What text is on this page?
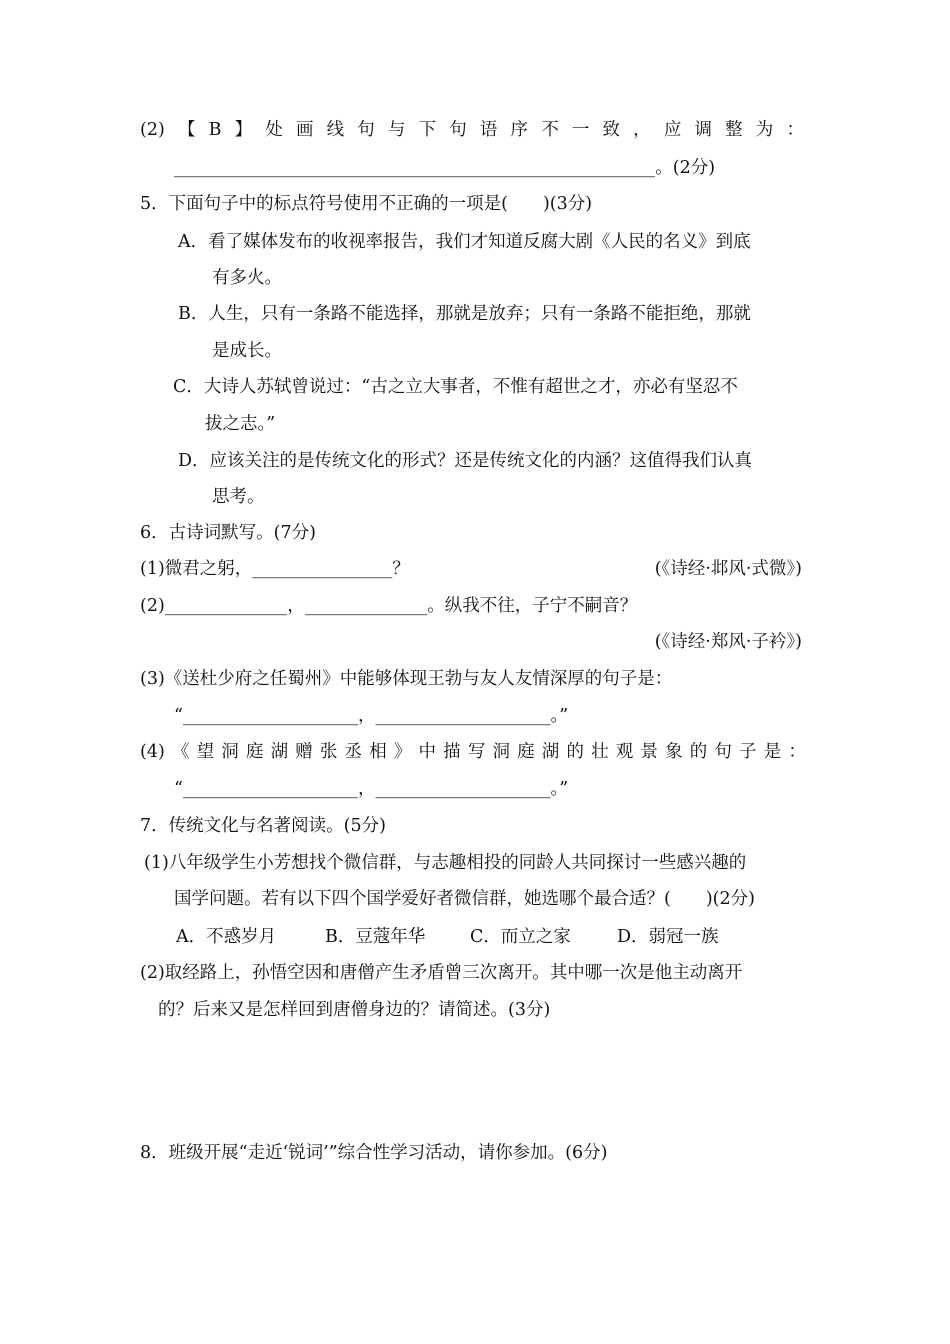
(2) 【 B 】 处 画 线 句 与 下 句 语 序 不 一 致 ， 应 调 整 为 ：
_______________________________________________________。(2分)
5．下面句子中的标点符号使用不正确的一项是(　　)(3分)
A．看了媒体发布的收视率报告，我们才知道反腐大剧《人民的名义》到底
有多火。
B．人生，只有一条路不能选择，那就是放弃；只有一条路不能拒绝，那就
是成长。
C．大诗人苏轼曾说过：“古之立大事者，不惟有超世之才，亦必有坚忍不
拔之志。”
D．应该关注的是传统文化的形式？还是传统文化的内涵？这值得我们认真
思考。
6．古诗词默写。(7分)
(1)微君之躬，________________？	(《诗经·邶风·式微》)
(2)______________，______________。纵我不往，子宁不嗣音？
(《诗经·郑风·子衿》)
(3)《送杜少府之任蜀州》中能够体现王勃与友人友情深厚的句子是：
“____________________，____________________。”
(4) 《 望 洞 庭 湖 赠 张 丞 相 》 中 描 写 洞 庭 湖 的 壮 观 景 象 的 句 子 是 ：
“____________________，____________________。”
7．传统文化与名著阅读。(5分)
(1)八年级学生小芳想找个微信群，与志趣相投的同龄人共同探讨一些感兴趣的
国学问题。若有以下四个国学爱好者微信群，她选哪个最合适？(　　)(2分)
A．不惑岁月	B．豆蔻年华	C．而立之家	D．弱冠一族
(2)取经路上，孙悟空因和唐僧产生矛盾曾三次离开。其中哪一次是他主动离开
的？后来又是怎样回到唐僧身边的？请简述。(3分)
8．班级开展“走近‘锐词’”综合性学习活动，请你参加。(6分)
